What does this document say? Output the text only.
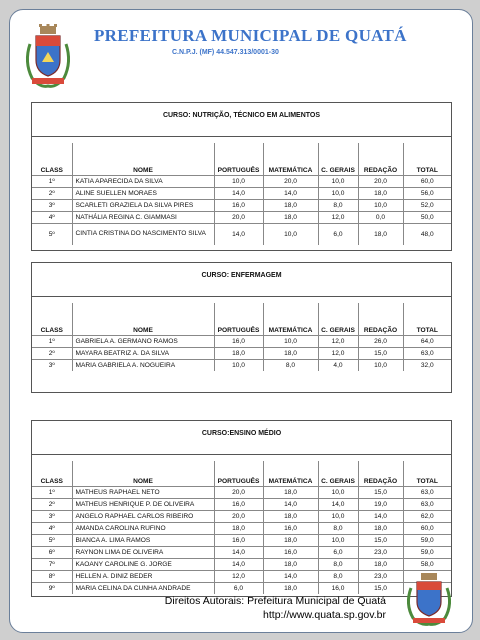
PREFEITURA MUNICIPAL DE QUATÁ
C.N.P.J. (MF) 44.547.313/0001-30
CURSO: NUTRIÇÃO, TÉCNICO EM ALIMENTOS
CLASS	NOME	PORTUGUÊS	MATEMÁTICA	C. GERAIS	REDAÇÃO	TOTAL
1º	KATIA APARECIDA DA SILVA	10,0	20,0	10,0	20,0	60,0
2º	ALINE SUELLEN MORAES	14,0	14,0	10,0	18,0	56,0
3º	SCARLETI GRAZIELA DA SILVA PIRES	16,0	18,0	8,0	10,0	52,0
4º	NATHÁLIA REGINA C. GIAMMASI	20,0	18,0	12,0	0,0	50,0
5º	CINTIA CRISTINA DO NASCIMENTO SILVA	14,0	10,0	6,0	18,0	48,0
CURSO: ENFERMAGEM
CLASS	NOME	PORTUGUÊS	MATEMÁTICA	C. GERAIS	REDAÇÃO	TOTAL
1º	GABRIELA A. GERMANO RAMOS	16,0	10,0	12,0	26,0	64,0
2º	MAYARA BEATRIZ A. DA SILVA	18,0	18,0	12,0	15,0	63,0
3º	MARIA GABRIELA A. NOGUEIRA	10,0	8,0	4,0	10,0	32,0
CURSO:ENSINO MÉDIO
CLASS	NOME	PORTUGUÊS	MATEMÁTICA	C. GERAIS	REDAÇÃO	TOTAL
1º	MATHEUS RAPHAEL NETO	20,0	18,0	10,0	15,0	63,0
2º	MATHEUS HENRIQUE P. DE OLIVEIRA	16,0	14,0	14,0	19,0	63,0
3º	ANGELO RAPHAEL CARLOS RIBEIRO	20,0	18,0	10,0	14,0	62,0
4º	AMANDA CAROLINA RUFINO	18,0	16,0	8,0	18,0	60,0
5º	BIANCA A. LIMA RAMOS	16,0	18,0	10,0	15,0	59,0
6º	RAYNON LIMA DE OLIVEIRA	14,0	16,0	6,0	23,0	59,0
7º	KAOANY CAROLINE G. JORGE	14,0	18,0	8,0	18,0	58,0
8º	HELLEN A. DINIZ BEDER	12,0	14,0	8,0	23,0	
9º	MARIA CELINA DA CUNHA ANDRADE	6,0	18,0	16,0	15,0	
Direitos Autorais: Prefeitura Municipal de Quatá
http://www.quata.sp.gov.br
